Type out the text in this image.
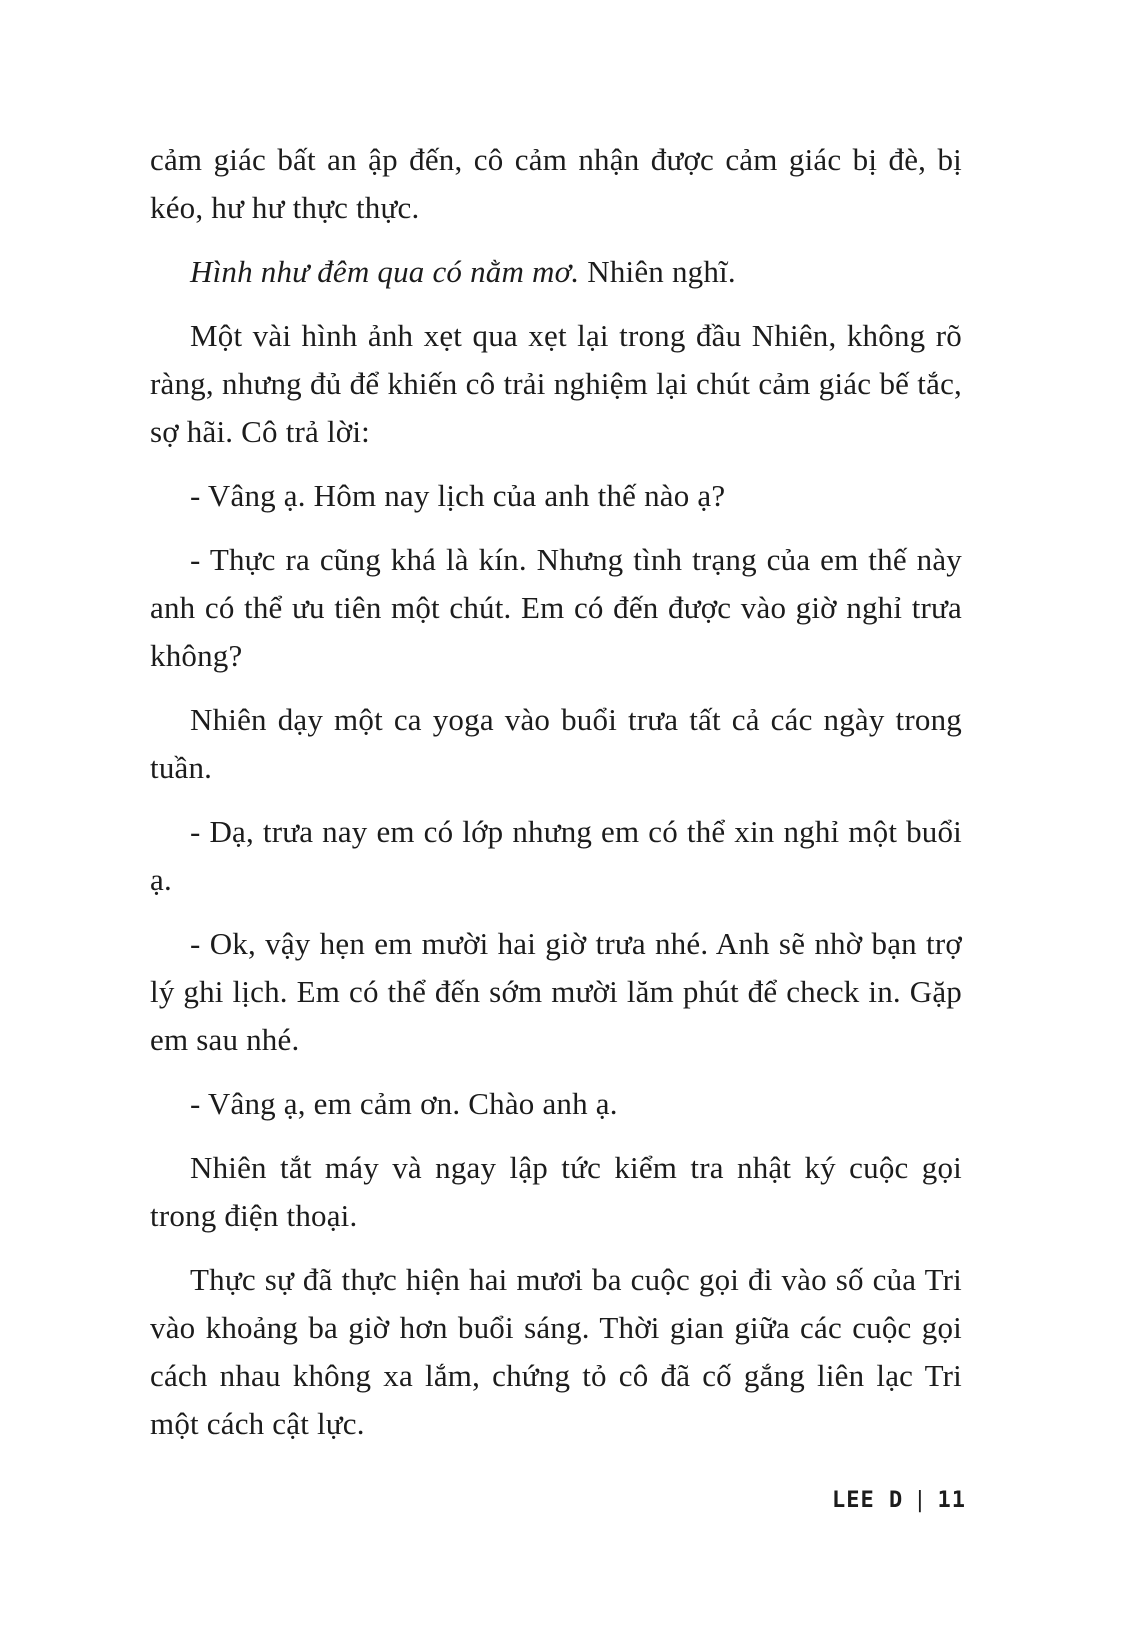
cảm giác bất an ập đến, cô cảm nhận được cảm giác bị đè, bị kéo, hư hư thực thực.

Hình như đêm qua có nằm mơ. Nhiên nghĩ.

Một vài hình ảnh xẹt qua xẹt lại trong đầu Nhiên, không rõ ràng, nhưng đủ để khiến cô trải nghiệm lại chút cảm giác bế tắc, sợ hãi. Cô trả lời:

- Vâng ạ. Hôm nay lịch của anh thế nào ạ?

- Thực ra cũng khá là kín. Nhưng tình trạng của em thế này anh có thể ưu tiên một chút. Em có đến được vào giờ nghỉ trưa không?

Nhiên dạy một ca yoga vào buổi trưa tất cả các ngày trong tuần.

- Dạ, trưa nay em có lớp nhưng em có thể xin nghỉ một buổi ạ.

- Ok, vậy hẹn em mười hai giờ trưa nhé. Anh sẽ nhờ bạn trợ lý ghi lịch. Em có thể đến sớm mười lăm phút để check in. Gặp em sau nhé.

- Vâng ạ, em cảm ơn. Chào anh ạ.

Nhiên tắt máy và ngay lập tức kiểm tra nhật ký cuộc gọi trong điện thoại.

Thực sự đã thực hiện hai mươi ba cuộc gọi đi vào số của Tri vào khoảng ba giờ hơn buổi sáng. Thời gian giữa các cuộc gọi cách nhau không xa lắm, chứng tỏ cô đã cố gắng liên lạc Tri một cách cật lực.

LEE D | 11
